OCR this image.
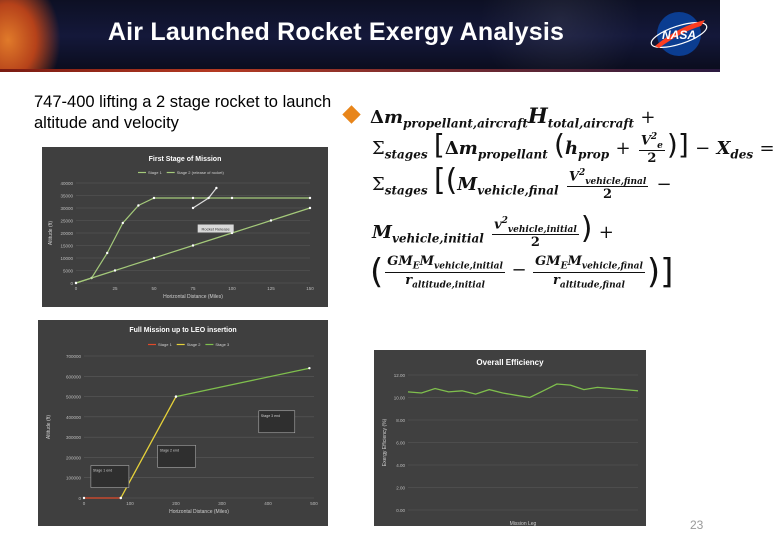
Air Launched Rocket Exergy Analysis	NASA
747-400 lifting a 2 stage rocket to launch altitude and velocity
First Stage of Mission
0
5000
10000
15000
20000
25000
30000
35000
40000
0	25	50	75	100	125	150
Horizontal Distance (Miles)
Altitude (ft)
Stage 1	Stage 2 (release of rocket)
Rocket Release
Full Mission up to LEO insertion
0
100000
200000
300000
400000
500000
600000
700000
0	100	200	300	400	500
Horizontal Distance (Miles)
Altitude (ft)
Stage 1	Stage 2	Stage 3
Stage 1 end
Stage 2 end
Stage 3 end
Overall Efficiency
0.00
2.00
4.00
6.00
8.00
10.00
12.00
Mission Leg
Exergy Efficiency (%)
$\Delta m_{propellant,aircraft}H_{total,aircraft}$ +
$\Sigma_{stages}$ [$\Delta m_{propellant}$ ($h_{prop} + \frac{V^2_e}{2}$ )] − $X_{des}$ =
$\Sigma_{stages}$ [($M_{vehicle,final} \frac{V^2_{vehicle,final}}{2}$ −
$M_{vehicle,initial} \frac{v^2_{vehicle,initial}}{2}$ ) +
( $\frac{GM_EM_{vehicle,initial}}{r_{altitude,initial}} - \frac{GM_EM_{vehicle,final}}{r_{altitude,final}}$ )]
23
